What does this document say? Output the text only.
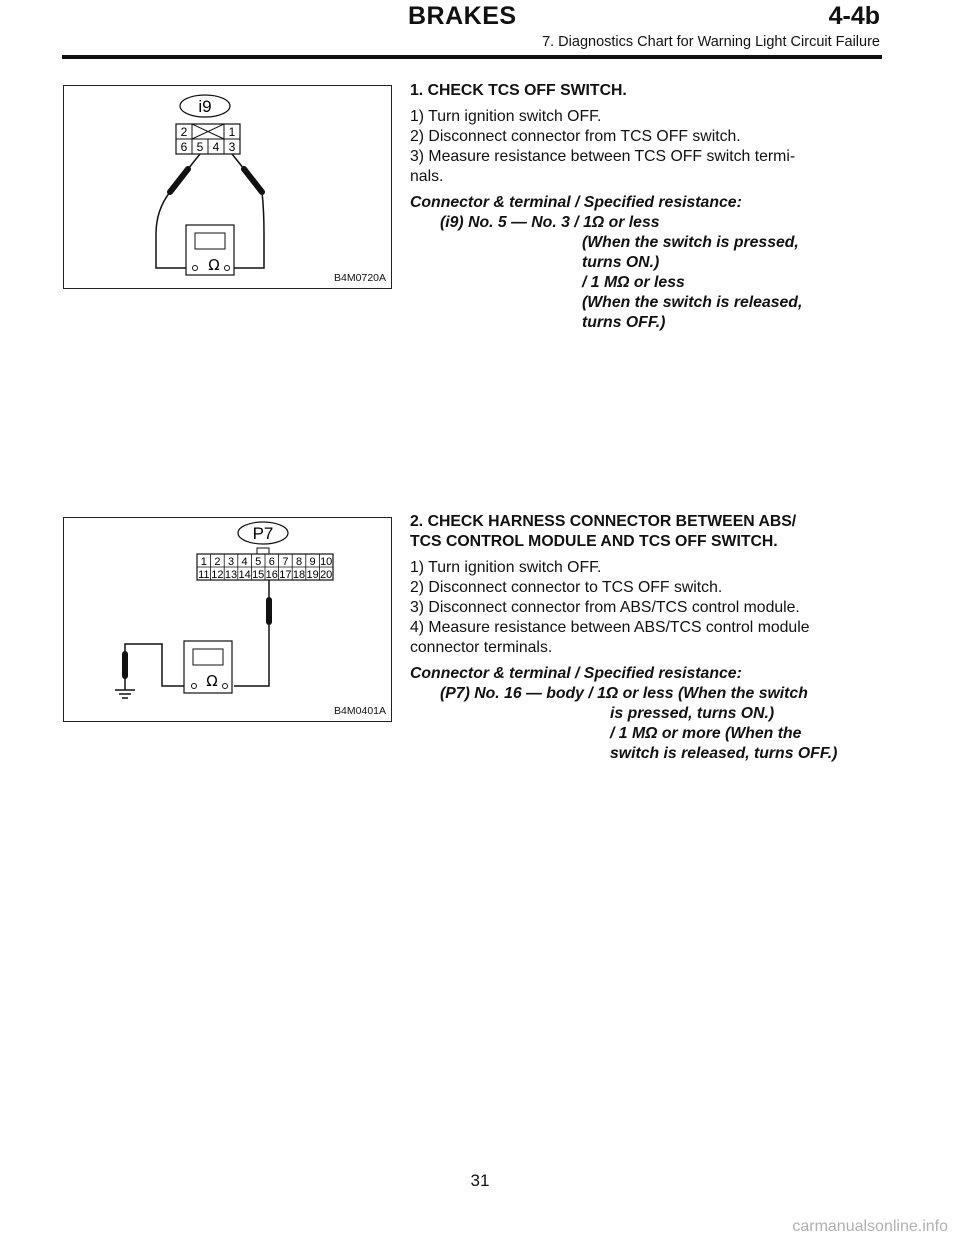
BRAKES	4-4b
7. Diagnostics Chart for Warning Light Circuit Failure
i9
2	1
6 5 4 3
Ω
B4M0720A
1. CHECK TCS OFF SWITCH.

1) Turn ignition switch OFF.

2) Disconnect connector from TCS OFF switch.

3) Measure resistance between TCS OFF switch termi-

nals.

Connector & terminal / Specified resistance:
(i9) No. 5 — No. 3 / 1Ω or less
(When the switch is pressed,
turns ON.)
/ 1 MΩ or less
(When the switch is released,
turns OFF.)
P7
1 2 3 4 5 6 7 8 9 10
11 12 13 14 15 16 17 18 19 20
Ω
B4M0401A
2. CHECK HARNESS CONNECTOR BETWEEN ABS/
TCS CONTROL MODULE AND TCS OFF SWITCH.

1) Turn ignition switch OFF.

2) Disconnect connector to TCS OFF switch.

3) Disconnect connector from ABS/TCS control module.

4) Measure resistance between ABS/TCS control module

connector terminals.

Connector & terminal / Specified resistance:
(P7) No. 16 — body / 1Ω or less (When the switch
is pressed, turns ON.)
/ 1 MΩ or more (When the
switch is released, turns OFF.)
31
carmanualsonline.info
